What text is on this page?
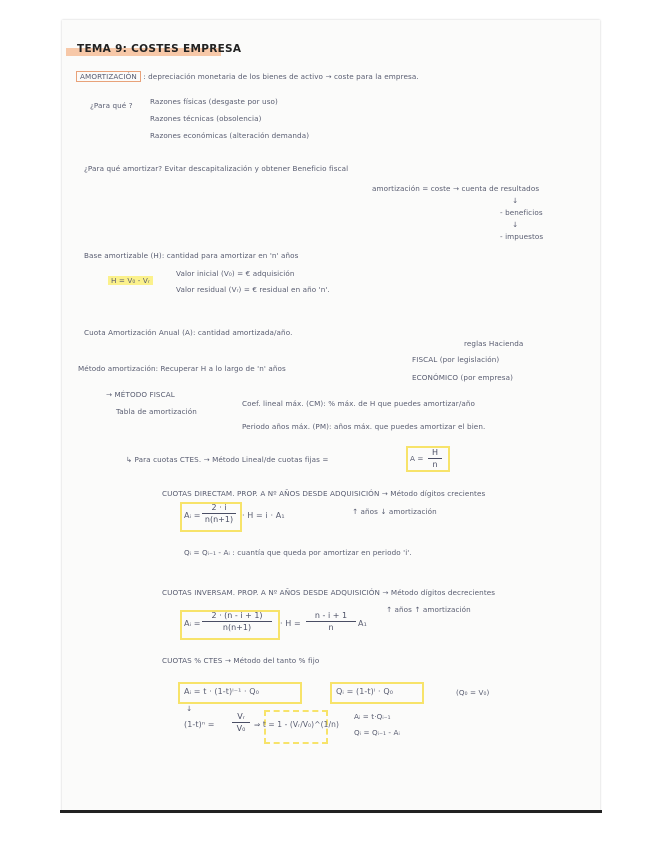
TEMA 9: COSTES EMPRESA
AMORTIZACIÓN : depreciación monetaria de los bienes de activo → coste para la empresa.
¿Para qué ? Razones físicas (desgaste por uso)
Razones técnicas (obsolencia)
Razones económicas (alteración demanda)
¿Para qué amortizar? Evitar descapitalización y obtener Beneficio fiscal
amortización = coste → cuenta de resultados
↓
- beneficios
↓
- impuestos
Base amortizable (H): cantidad para amortizar en 'n' años
H = V₀ - Vᵣ
Valor inicial (V₀) = € adquisición
Valor residual (Vᵣ) = € residual en año 'n'.
Cuota Amortización Anual (A): cantidad amortizada/año.
reglas Hacienda
Método amortización: Recuperar H a lo largo de 'n' años
FISCAL (por legislación)
ECONÓMICO (por empresa)
→ MÉTODO FISCAL
Tabla de amortización
Coef. lineal máx. (CM): % máx. de H que puedes amortizar/año
Periodo años máx. (PM): años máx. que puedes amortizar el bien.
↳ Para cuotas CTES. → Método Lineal/de cuotas fijas =	A =
H
n
CUOTAS DIRECTAM. PROP. A Nº AÑOS DESDE ADQUISICIÓN → Método dígitos crecientes
Aᵢ =
2 · i
n(n+1)	· H = i · A₁	↑ años ↓ amortización
Qᵢ = Qᵢ₋₁ - Aᵢ : cuantía que queda por amortizar en periodo 'i'.
CUOTAS INVERSAM. PROP. A Nº AÑOS DESDE ADQUISICIÓN → Método dígitos decrecientes
Aᵢ =
2 · (n - i + 1)
n(n+1)	· H =
n - i + 1
n	A₁
↑ años ↑ amortización
CUOTAS % CTES → Método del tanto % fijo
Aᵢ = t · (1-t)ⁱ⁻¹ · Q₀	Qᵢ = (1-t)ⁱ · Q₀	(Q₀ = V₀)
↓
(1-t)ⁿ =
Vᵣ
V₀	⇒ t = 1 - (Vᵣ/V₀)^(1/n)
Aᵢ = t·Qᵢ₋₁
Qᵢ = Qᵢ₋₁ - Aᵢ
